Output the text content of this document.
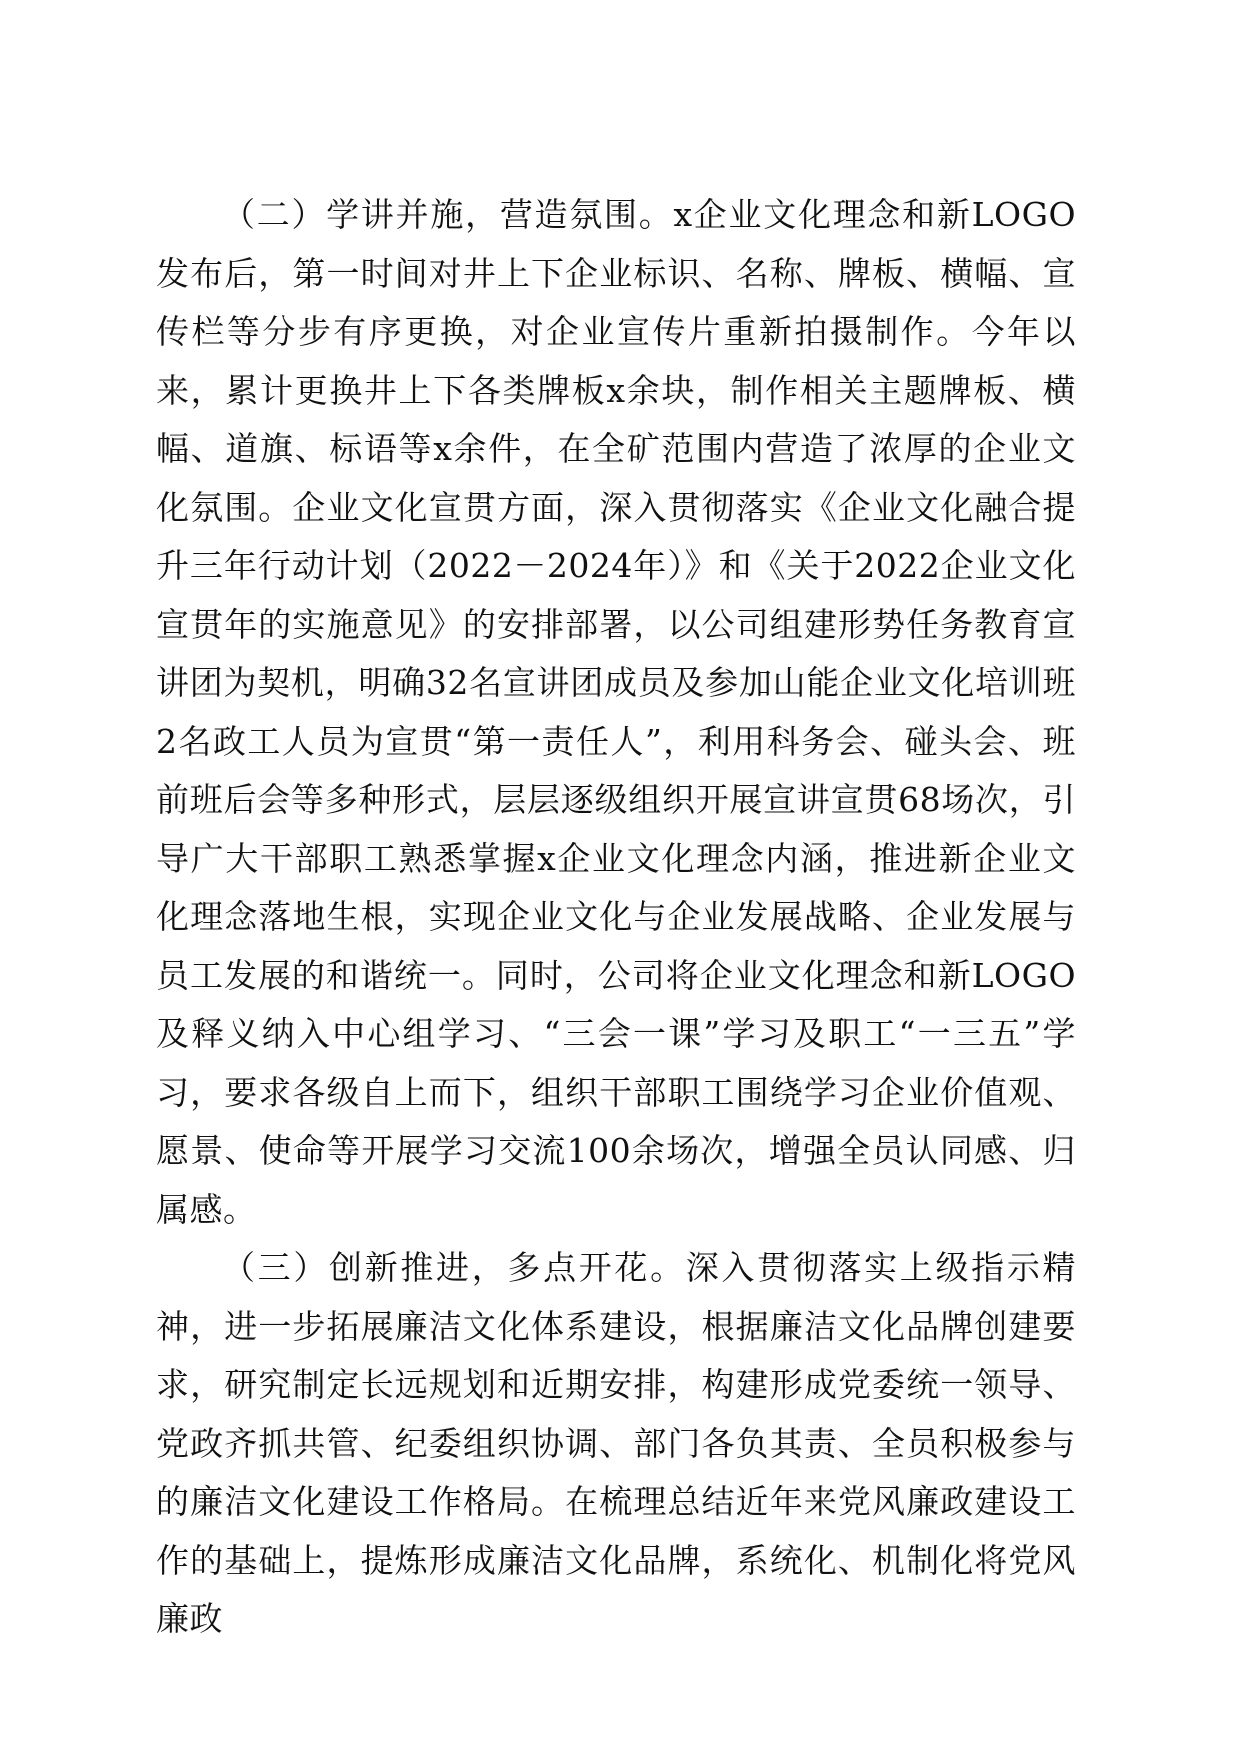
（二）学讲并施，营造氛围。x企业文化理念和新LOGO发布后，第一时间对井上下企业标识、名称、牌板、横幅、宣传栏等分步有序更换，对企业宣传片重新拍摄制作。今年以来，累计更换井上下各类牌板x余块，制作相关主题牌板、横幅、道旗、标语等x余件，在全矿范围内营造了浓厚的企业文化氛围。企业文化宣贯方面，深入贯彻落实《企业文化融合提升三年行动计划（2022－2024年）》和《关于2022企业文化宣贯年的实施意见》的安排部署，以公司组建形势任务教育宣讲团为契机，明确32名宣讲团成员及参加山能企业文化培训班2名政工人员为宣贯“第一责任人”，利用科务会、碰头会、班前班后会等多种形式，层层逐级组织开展宣讲宣贯68场次，引导广大干部职工熟悉掌握x企业文化理念内涵，推进新企业文化理念落地生根，实现企业文化与企业发展战略、企业发展与员工发展的和谐统一。同时，公司将企业文化理念和新LOGO及释义纳入中心组学习、“三会一课”学习及职工“一三五”学习，要求各级自上而下，组织干部职工围绕学习企业价值观、愿景、使命等开展学习交流100余场次，增强全员认同感、归属感。

（三）创新推进，多点开花。深入贯彻落实上级指示精神，进一步拓展廉洁文化体系建设，根据廉洁文化品牌创建要求，研究制定长远规划和近期安排，构建形成党委统一领导、党政齐抓共管、纪委组织协调、部门各负其责、全员积极参与的廉洁文化建设工作格局。在梳理总结近年来党风廉政建设工作的基础上，提炼形成廉洁文化品牌，系统化、机制化将党风廉政
